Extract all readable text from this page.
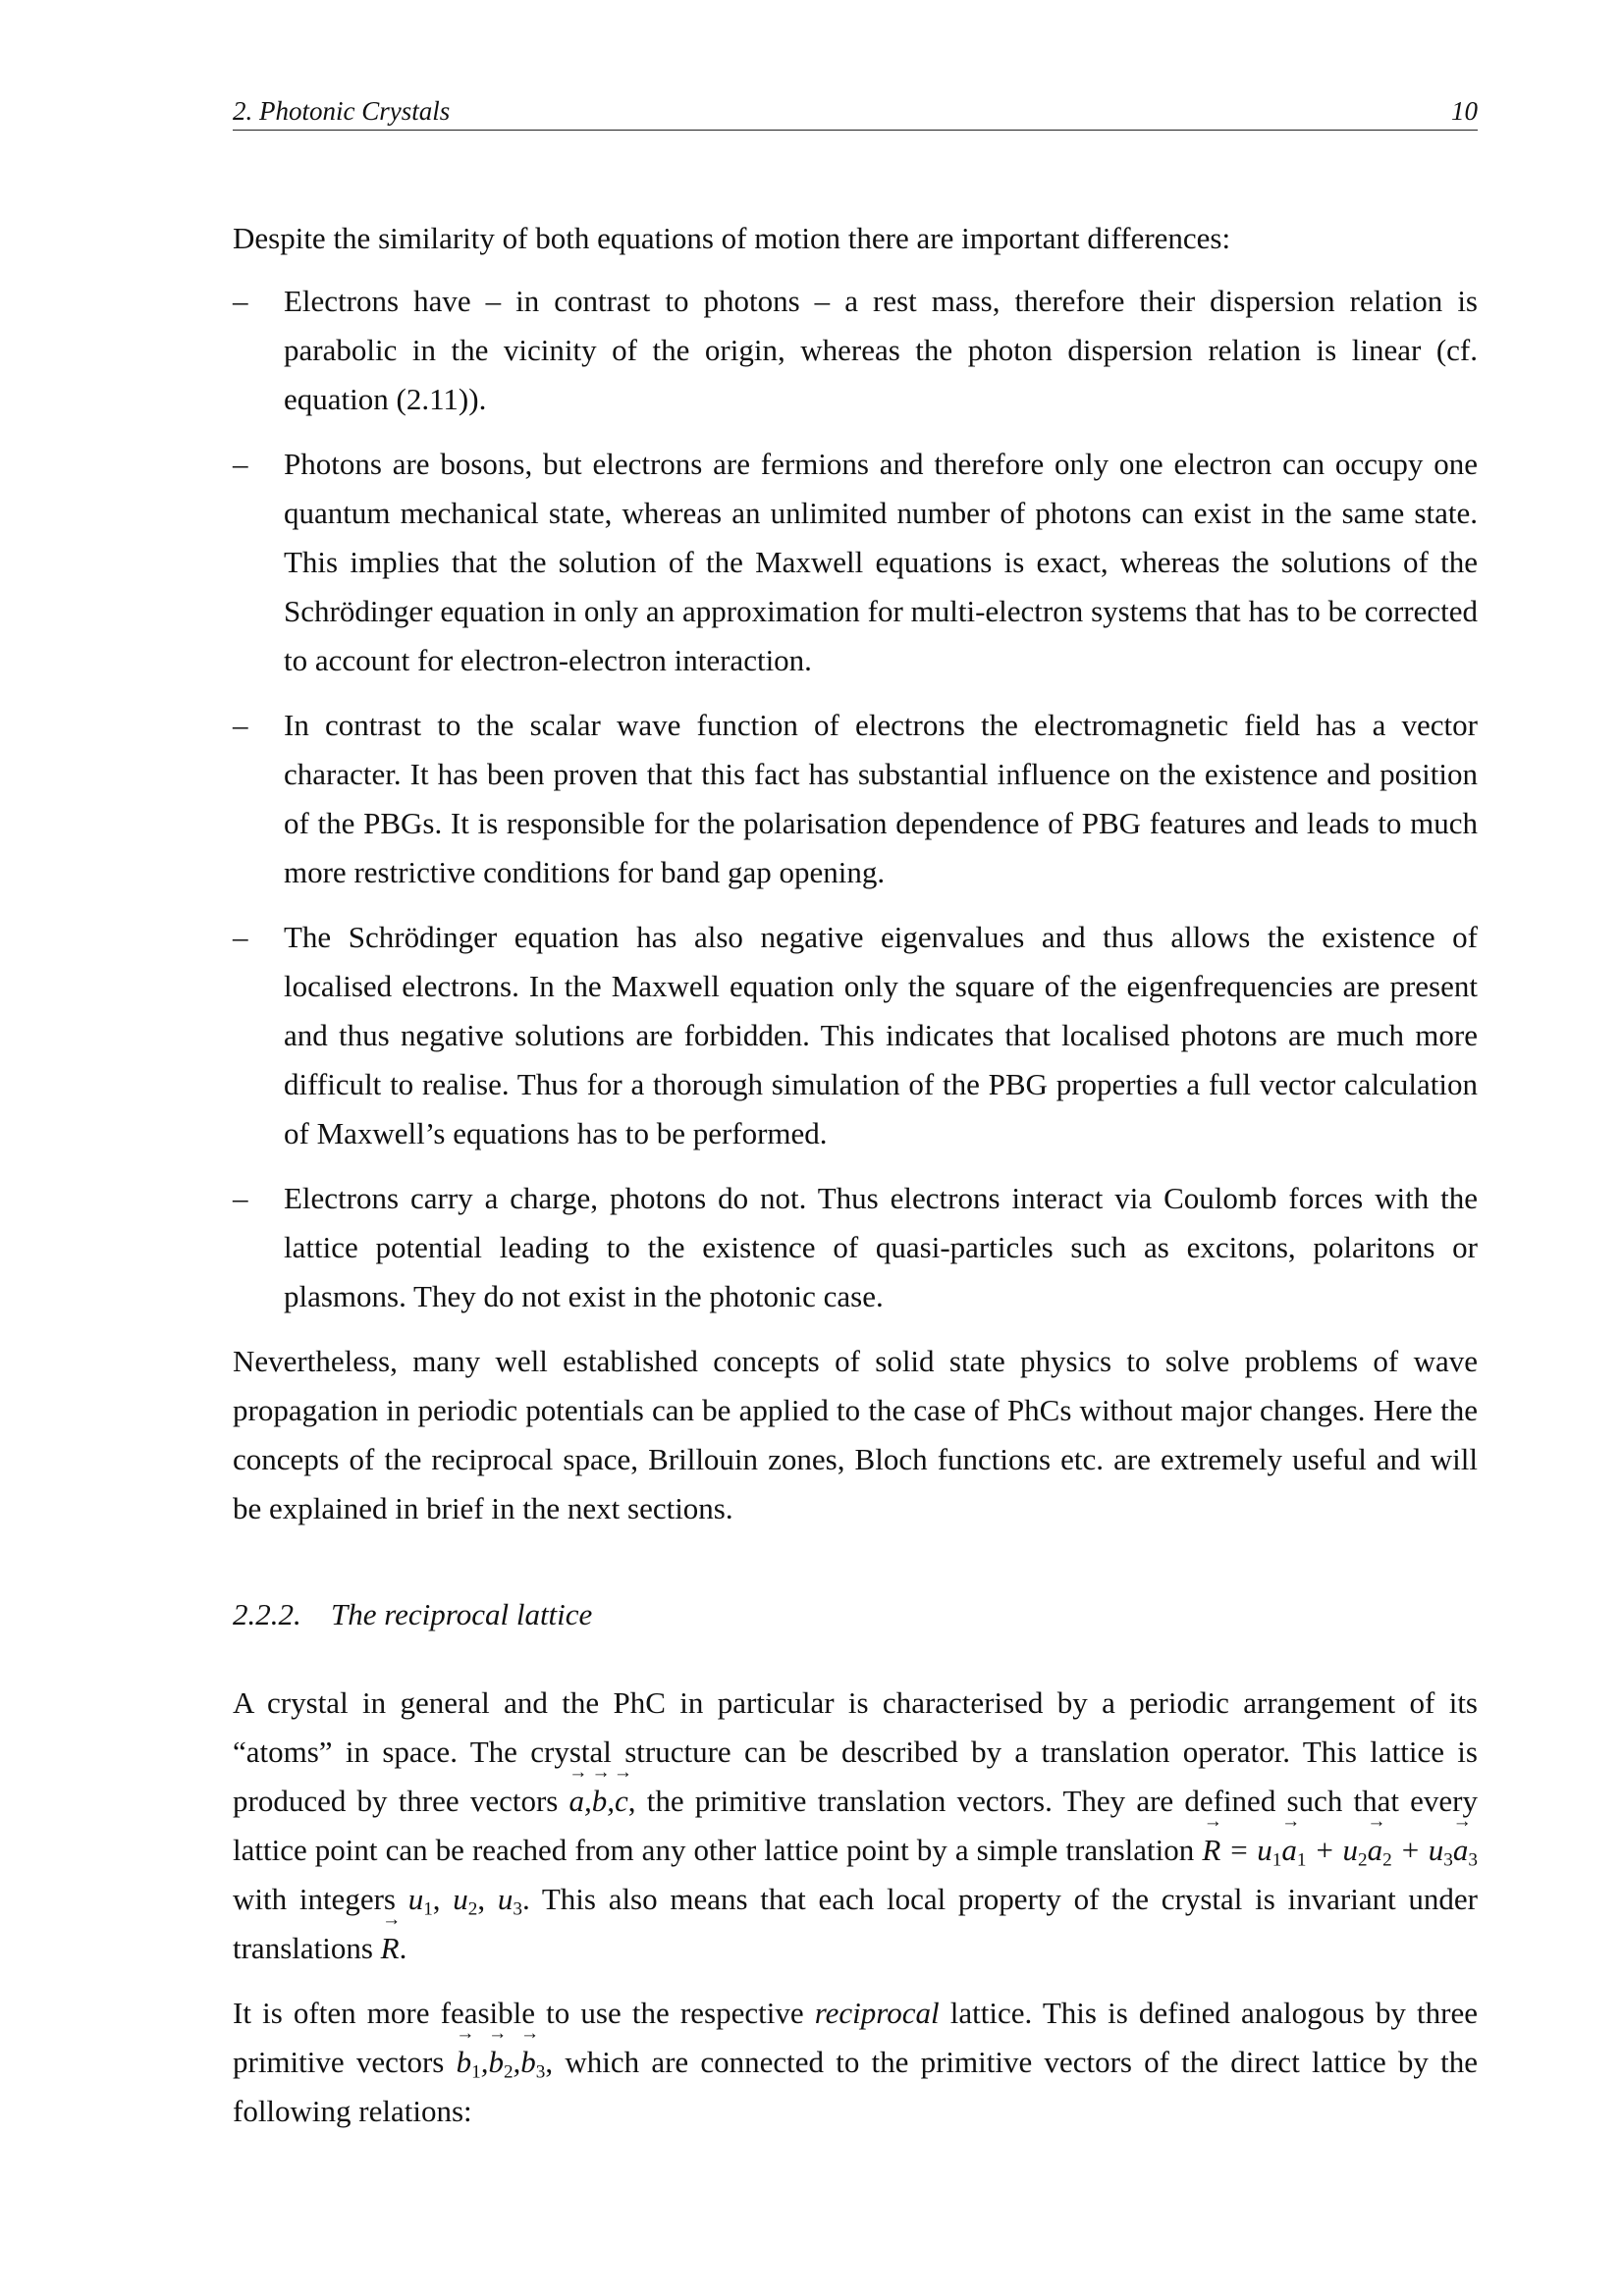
2. Photonic Crystals	10

Despite the similarity of both equations of motion there are important differences:

– Electrons have – in contrast to photons – a rest mass, therefore their dispersion relation is parabolic in the vicinity of the origin, whereas the photon dispersion relation is linear (cf. equation (2.11)).
– Photons are bosons, but electrons are fermions and therefore only one electron can occupy one quantum mechanical state, whereas an unlimited number of photons can exist in the same state. This implies that the solution of the Maxwell equations is exact, whereas the solutions of the Schrödinger equation in only an approximation for multi-electron systems that has to be corrected to account for electron-electron interaction.
– In contrast to the scalar wave function of electrons the electromagnetic field has a vector character. It has been proven that this fact has substantial influence on the existence and position of the PBGs. It is responsible for the polarisation dependence of PBG features and leads to much more restrictive conditions for band gap opening.
– The Schrödinger equation has also negative eigenvalues and thus allows the existence of localised electrons. In the Maxwell equation only the square of the eigenfrequencies are present and thus negative solutions are forbidden. This indicates that localised photons are much more difficult to realise. Thus for a thorough simulation of the PBG properties a full vector calculation of Maxwell’s equations has to be performed.
– Electrons carry a charge, photons do not. Thus electrons interact via Coulomb forces with the lattice potential leading to the existence of quasi-particles such as excitons, polaritons or plasmons. They do not exist in the photonic case.

Nevertheless, many well established concepts of solid state physics to solve problems of wave propagation in periodic potentials can be applied to the case of PhCs without major changes. Here the concepts of the reciprocal space, Brillouin zones, Bloch functions etc. are extremely useful and will be explained in brief in the next sections.

2.2.2. The reciprocal lattice

A crystal in general and the PhC in particular is characterised by a periodic arrangement of its “atoms” in space. The crystal structure can be described by a translation operator. This lattice is produced by three vectors → a,→ b,→ c, the primitive translation vectors. They are defined such that every lattice point can be reached from any other lattice point by a simple translation → $R = u_1\to a_1 + u_2\to a_2 + u_3\to a_3$ with integers $u_1$, $u_2$, $u_3$. This also means that each local property of the crystal is invariant under translations → R.

It is often more feasible to use the respective reciprocal lattice. This is defined analogous by three primitive vectors → $b_1,\to b_2,\to b_3$, which are connected to the primitive vectors of the direct lattice by the following relations:
